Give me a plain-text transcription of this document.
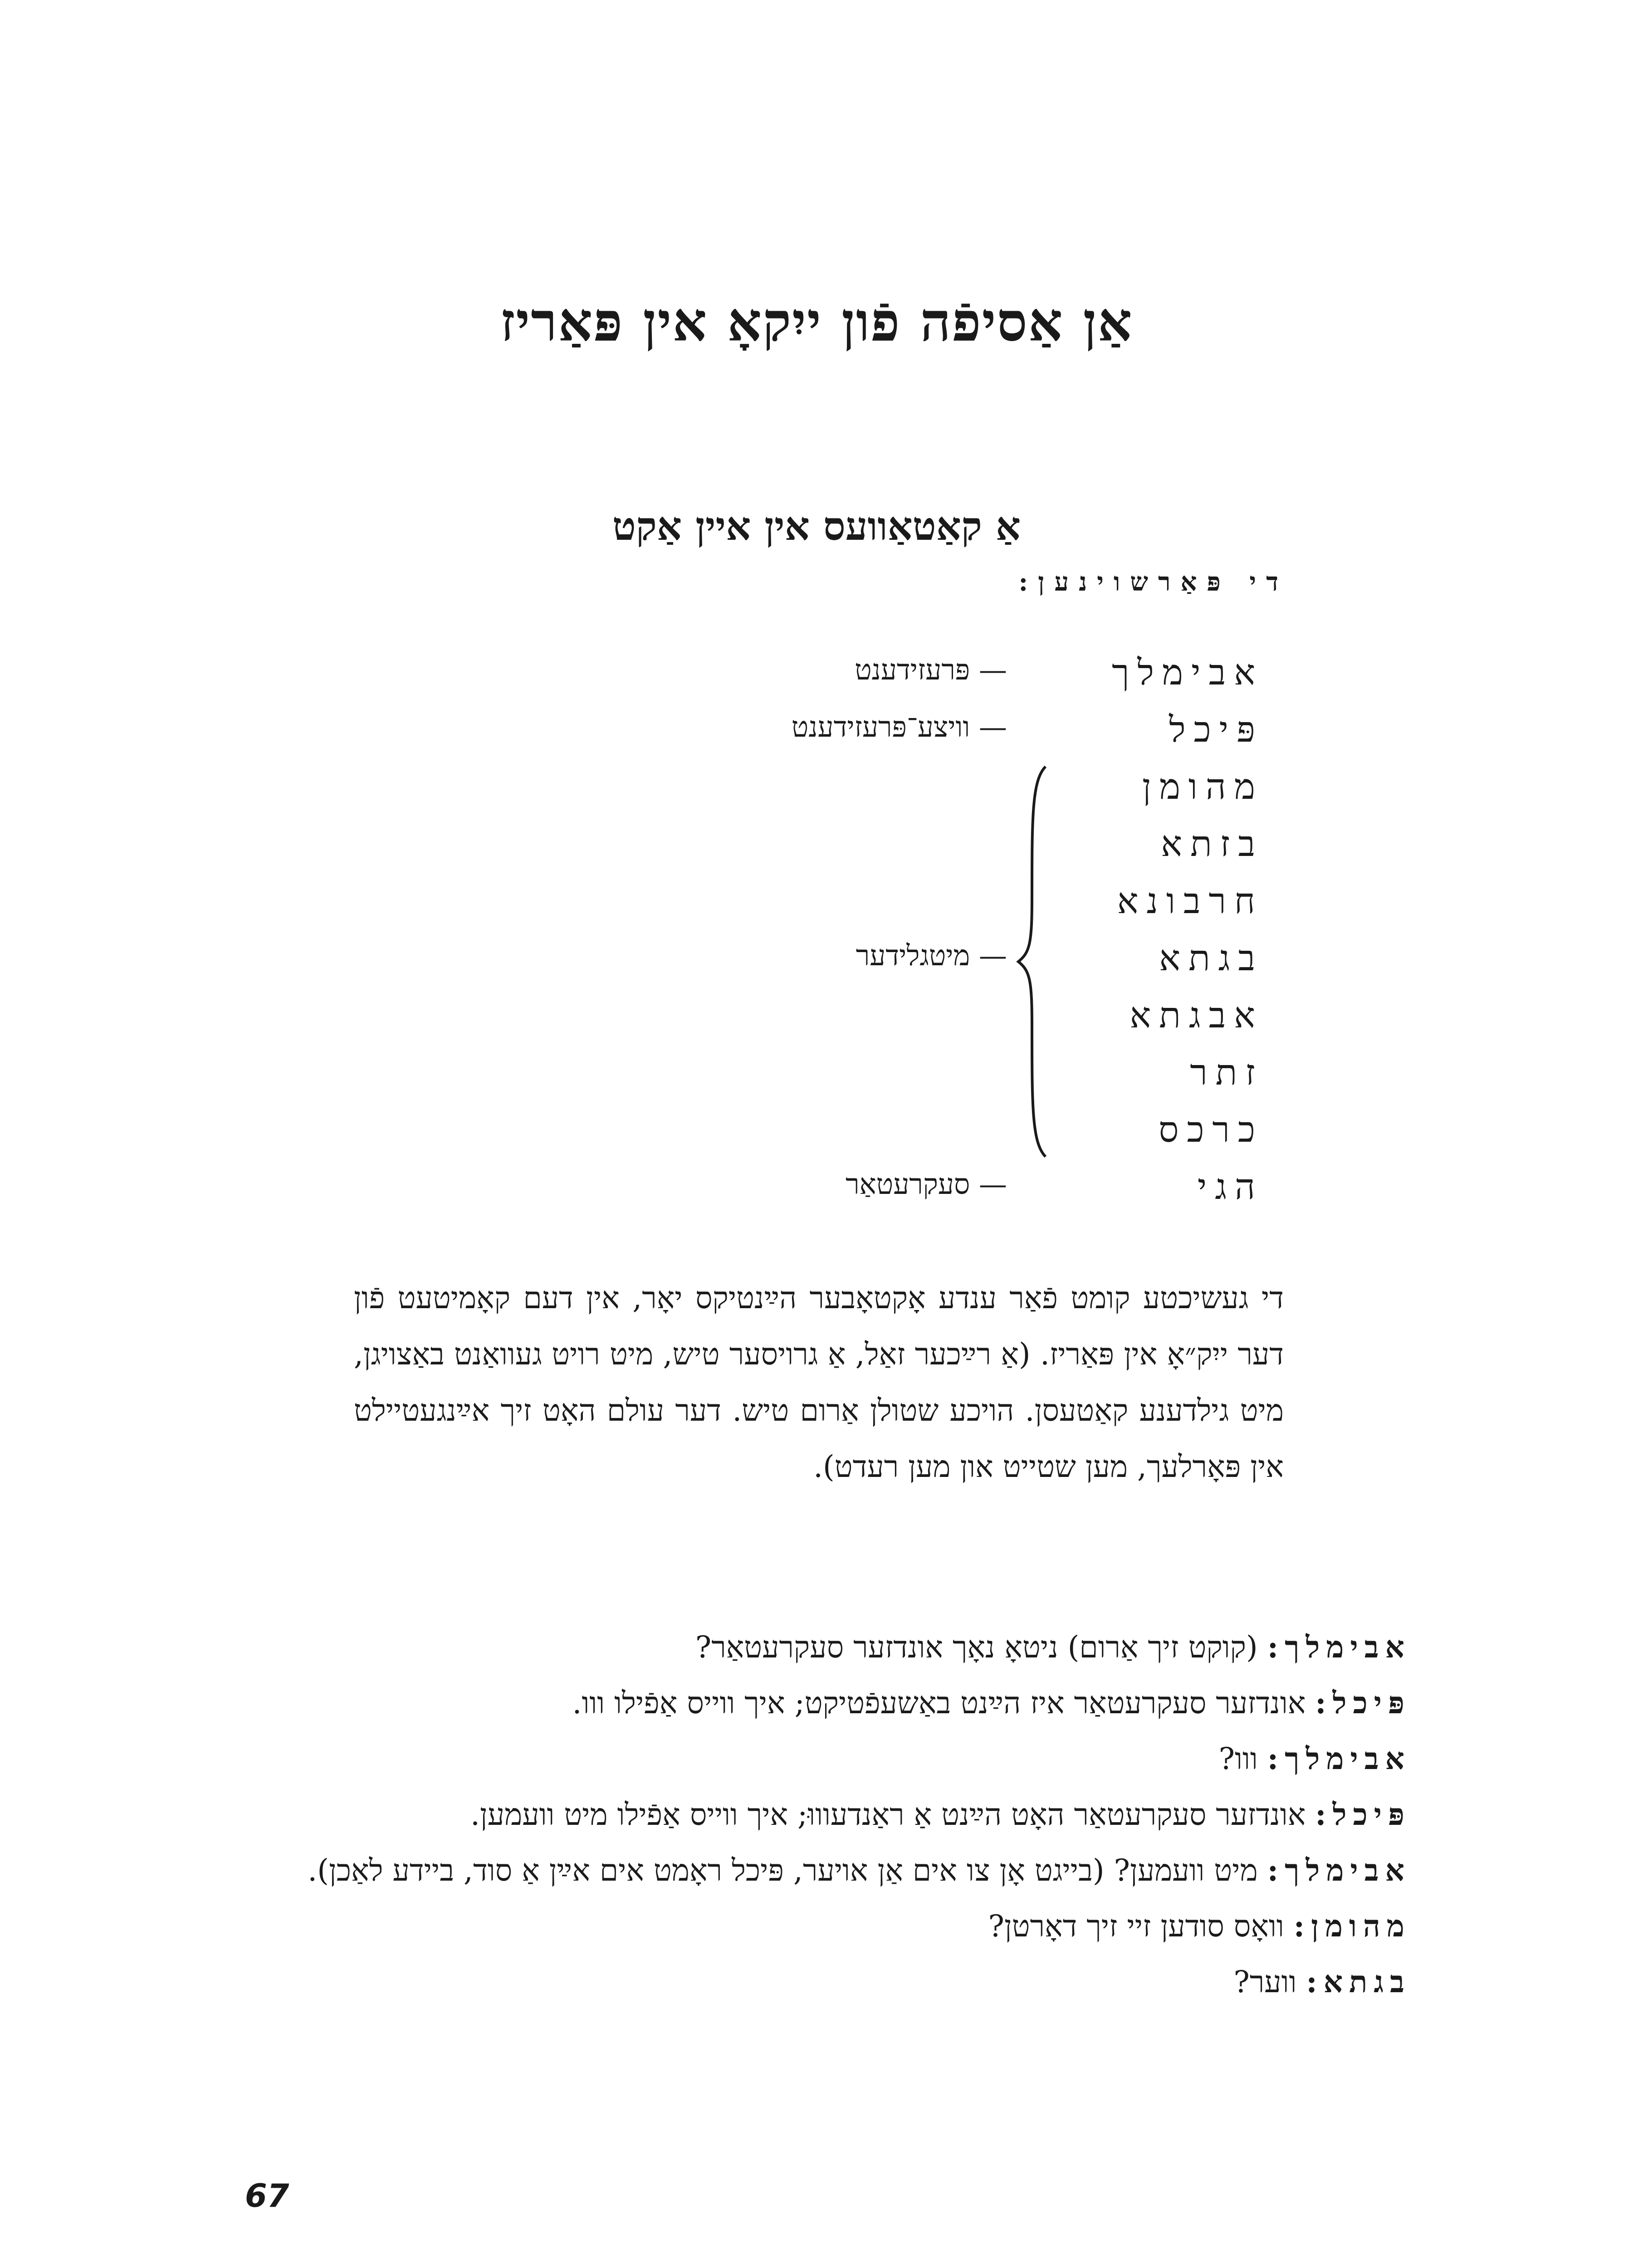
אַן אַסיפֿה פֿון ייִקאָ אין פּאַריז
אַ קאַטאַוועס אין איין אַקט
די פּאַרשוינען:
אבימלך
פּיכל
מהומן
בזתא
חרבונא
בגתא
אבגתא
זתר
כרכס
הגי
— פּרעזידענט
— וויצע־פּרעזידענט
— מיטגלידער
— סעקרעטאַר
די געשיכטע קומט פֿאַר ענדע אָקטאָבער הײַנטיקס יאָר, אין דעם קאָמיטעט פֿון דער ייִק״אָ אין פּאַריז. (אַ רײַכער זאַל, אַ גרויסער טיש, מיט רויט געוואַנט באַצויגן, מיט גילדענע קאַטעסן. הויכע שטולן אַרום טיש. דער עולם האָט זיך אײַנגעטיילט אין פּאָרלעך, מען שטייט און מען רעדט).
אבימלך: (קוקט זיך אַרום) ניטאָ נאָך אונדזער סעקרעטאַר?
פּיכל: אונדזער סעקרעטאַר איז הײַנט באַשעפֿטיקט; איך ווייס אַפֿילו ווו.
אבימלך: ווו?
פּיכל: אונדזער סעקרעטאַר האָט הײַנט אַ ראַנדעוווּ; איך ווייס אַפֿילו מיט וועמען.
אבימלך: מיט וועמען? (בייגט אָן צו אים אַן אויער, פּיכל ראָמט אים אײַן אַ סוד, ביידע לאַכן).
מהומן: וואָס סודען זיי זיך דאָרטן?
בגתא: ווער?
67
